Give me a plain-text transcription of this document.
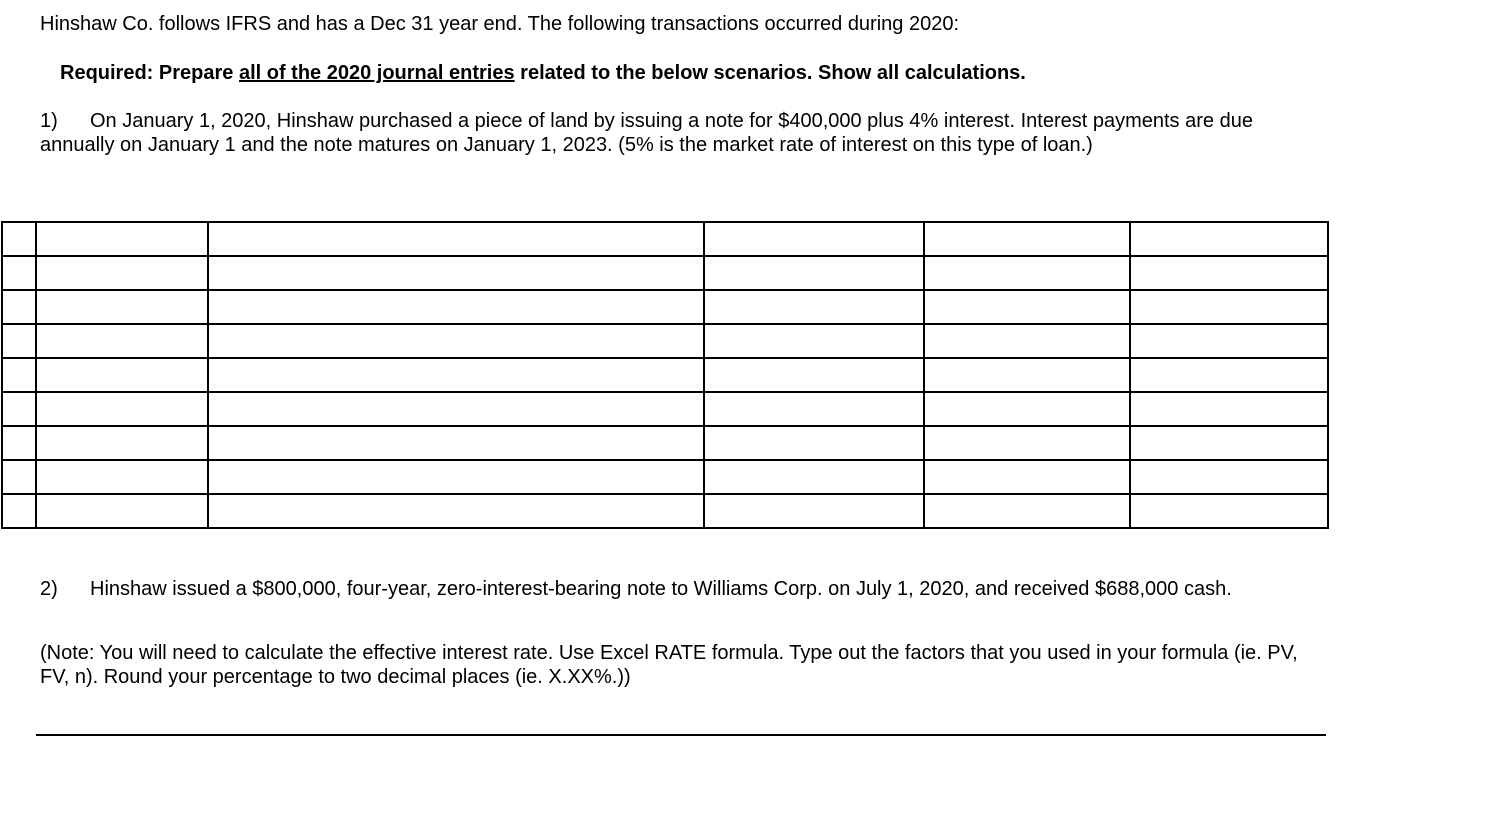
Hinshaw Co. follows IFRS and has a Dec 31 year end. The following transactions occurred during 2020:
Required: Prepare all of the 2020 journal entries related to the below scenarios. Show all calculations.
1) On January 1, 2020, Hinshaw purchased a piece of land by issuing a note for $400,000 plus 4% interest. Interest payments are due annually on January 1 and the note matures on January 1, 2023. (5% is the market rate of interest on this type of loan.)

2) Hinshaw issued a $800,000, four-year, zero-interest-bearing note to Williams Corp. on July 1, 2020, and received $688,000 cash.
(Note: You will need to calculate the effective interest rate. Use Excel RATE formula. Type out the factors that you used in your formula (ie. PV, FV, n). Round your percentage to two decimal places (ie. X.XX%.))
